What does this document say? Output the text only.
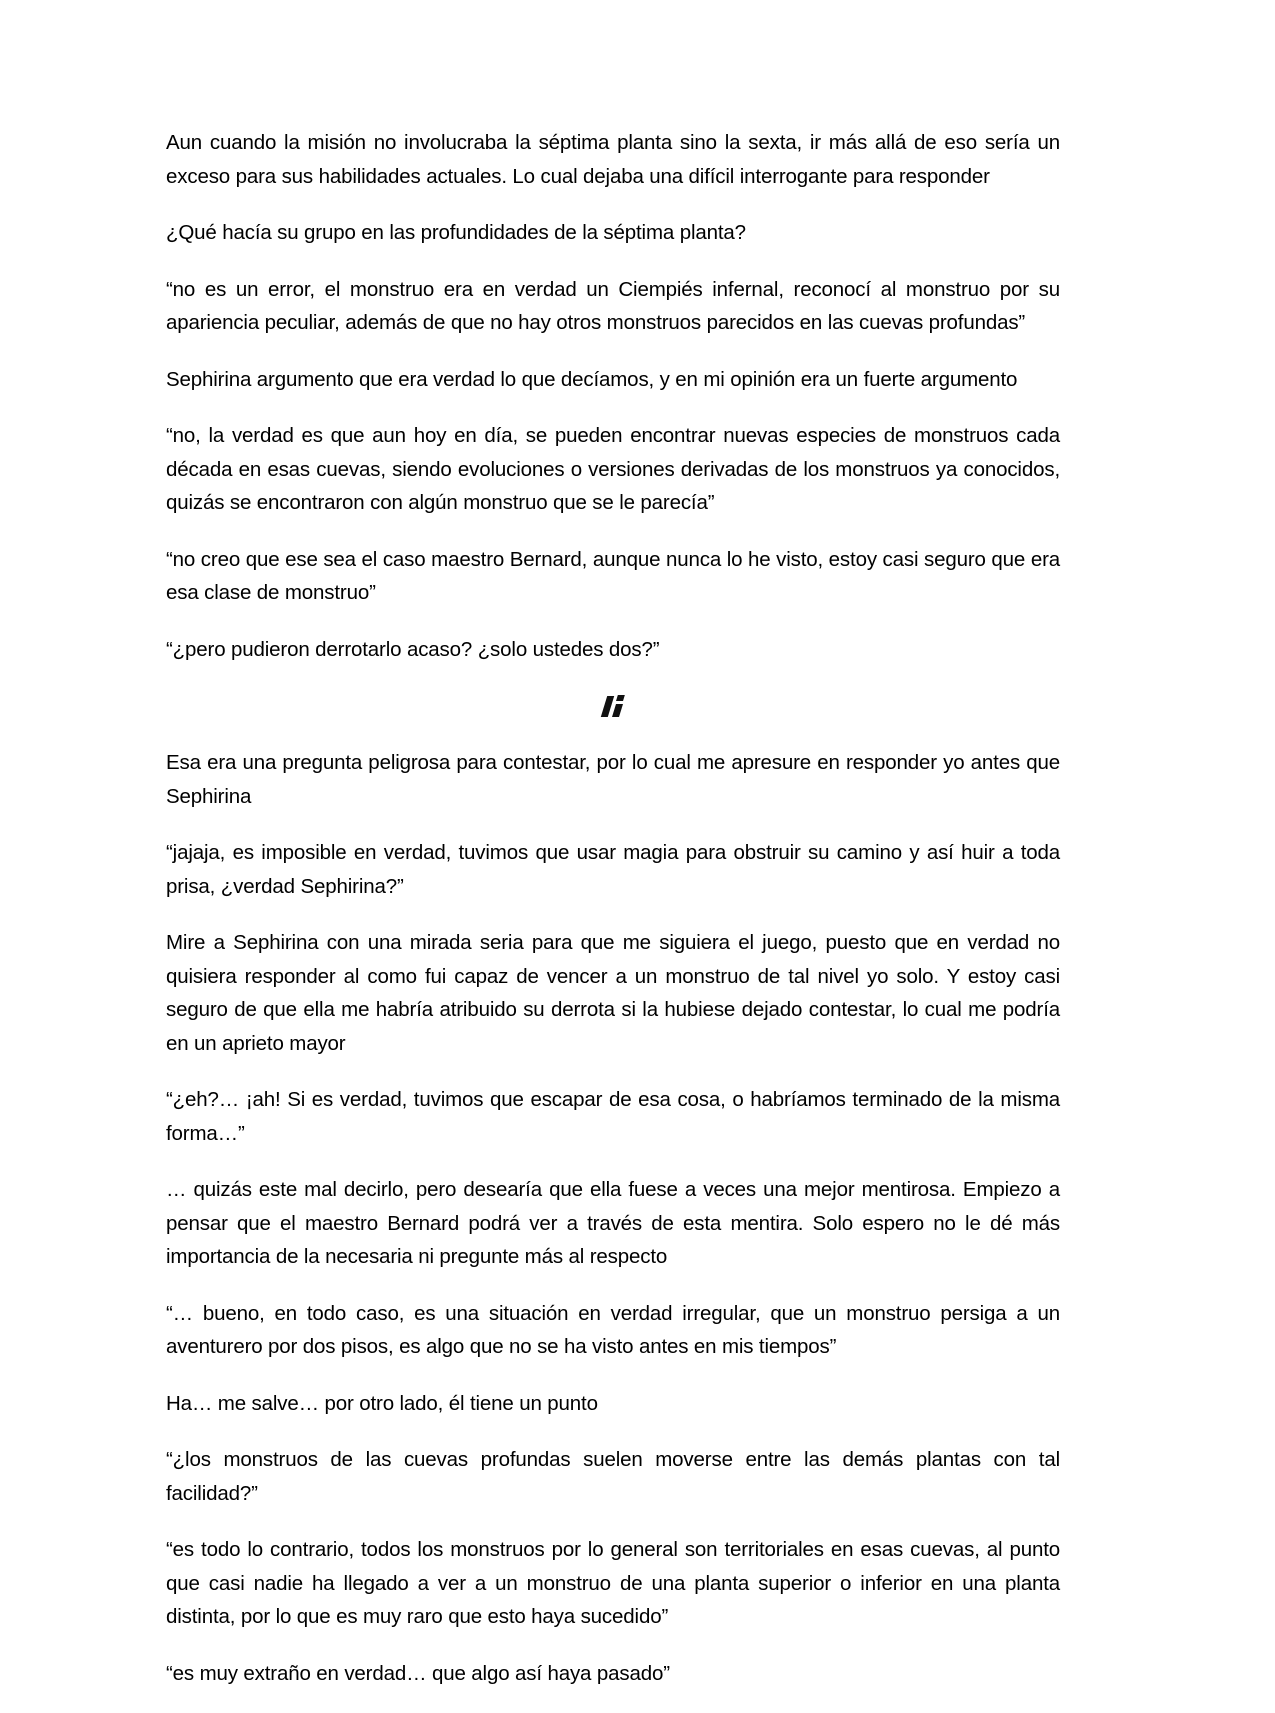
Aun cuando la misión no involucraba la séptima planta sino la sexta, ir más allá de eso sería un exceso para sus habilidades actuales. Lo cual dejaba una difícil interrogante para responder

¿Qué hacía su grupo en las profundidades de la séptima planta?

“no es un error, el monstruo era en verdad un Ciempiés infernal, reconocí al monstruo por su apariencia peculiar, además de que no hay otros monstruos parecidos en las cuevas profundas”

Sephirina argumento que era verdad lo que decíamos, y en mi opinión era un fuerte argumento

“no, la verdad es que aun hoy en día, se pueden encontrar nuevas especies de monstruos cada década en esas cuevas, siendo evoluciones o versiones derivadas de los monstruos ya conocidos, quizás se encontraron con algún monstruo que se le parecía”

“no creo que ese sea el caso maestro Bernard, aunque nunca lo he visto, estoy casi seguro que era esa clase de monstruo”

“¿pero pudieron derrotarlo acaso? ¿solo ustedes dos?”

Esa era una pregunta peligrosa para contestar, por lo cual me apresure en responder yo antes que Sephirina

“jajaja, es imposible en verdad, tuvimos que usar magia para obstruir su camino y así huir a toda prisa, ¿verdad Sephirina?”

Mire a Sephirina con una mirada seria para que me siguiera el juego, puesto que en verdad no quisiera responder al como fui capaz de vencer a un monstruo de tal nivel yo solo. Y estoy casi seguro de que ella me habría atribuido su derrota si la hubiese dejado contestar, lo cual me podría en un aprieto mayor

“¿eh?… ¡ah! Si es verdad, tuvimos que escapar de esa cosa, o habríamos terminado de la misma forma…”

… quizás este mal decirlo, pero desearía que ella fuese a veces una mejor mentirosa. Empiezo a pensar que el maestro Bernard podrá ver a través de esta mentira. Solo espero no le dé más importancia de la necesaria ni pregunte más al respecto

“… bueno, en todo caso, es una situación en verdad irregular, que un monstruo persiga a un aventurero por dos pisos, es algo que no se ha visto antes en mis tiempos”

Ha… me salve… por otro lado, él tiene un punto

“¿los monstruos de las cuevas profundas suelen moverse entre las demás plantas con tal facilidad?”

“es todo lo contrario, todos los monstruos por lo general son territoriales en esas cuevas, al punto que casi nadie ha llegado a ver a un monstruo de una planta superior o inferior en una planta distinta, por lo que es muy raro que esto haya sucedido”

“es muy extraño en verdad… que algo así haya pasado”
